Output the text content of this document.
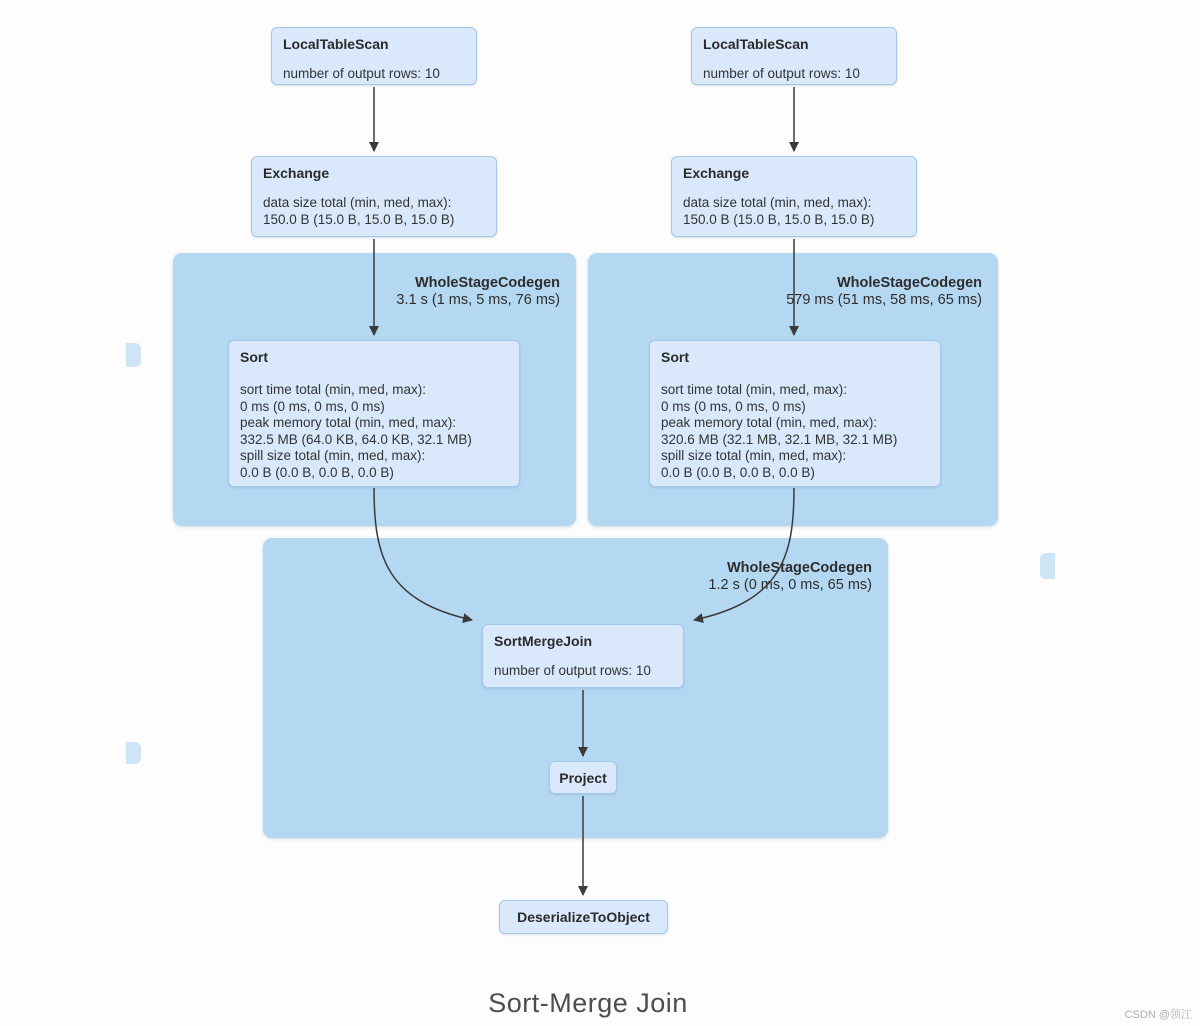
WholeStageCodegen
3.1 s (1 ms, 5 ms, 76 ms)
WholeStageCodegen
579 ms (51 ms, 58 ms, 65 ms)
WholeStageCodegen
1.2 s (0 ms, 0 ms, 65 ms)
LocalTableScan
number of output rows: 10
LocalTableScan
number of output rows: 10
Exchange
data size total (min, med, max):
150.0 B (15.0 B, 15.0 B, 15.0 B)
Exchange
data size total (min, med, max):
150.0 B (15.0 B, 15.0 B, 15.0 B)
Sort
sort time total (min, med, max):
0 ms (0 ms, 0 ms, 0 ms)
peak memory total (min, med, max):
332.5 MB (64.0 KB, 64.0 KB, 32.1 MB)
spill size total (min, med, max):
0.0 B (0.0 B, 0.0 B, 0.0 B)
Sort
sort time total (min, med, max):
0 ms (0 ms, 0 ms, 0 ms)
peak memory total (min, med, max):
320.6 MB (32.1 MB, 32.1 MB, 32.1 MB)
spill size total (min, med, max):
0.0 B (0.0 B, 0.0 B, 0.0 B)
SortMergeJoin
number of output rows: 10
Project
DeserializeToObject
Sort-Merge Join	CSDN @领江
